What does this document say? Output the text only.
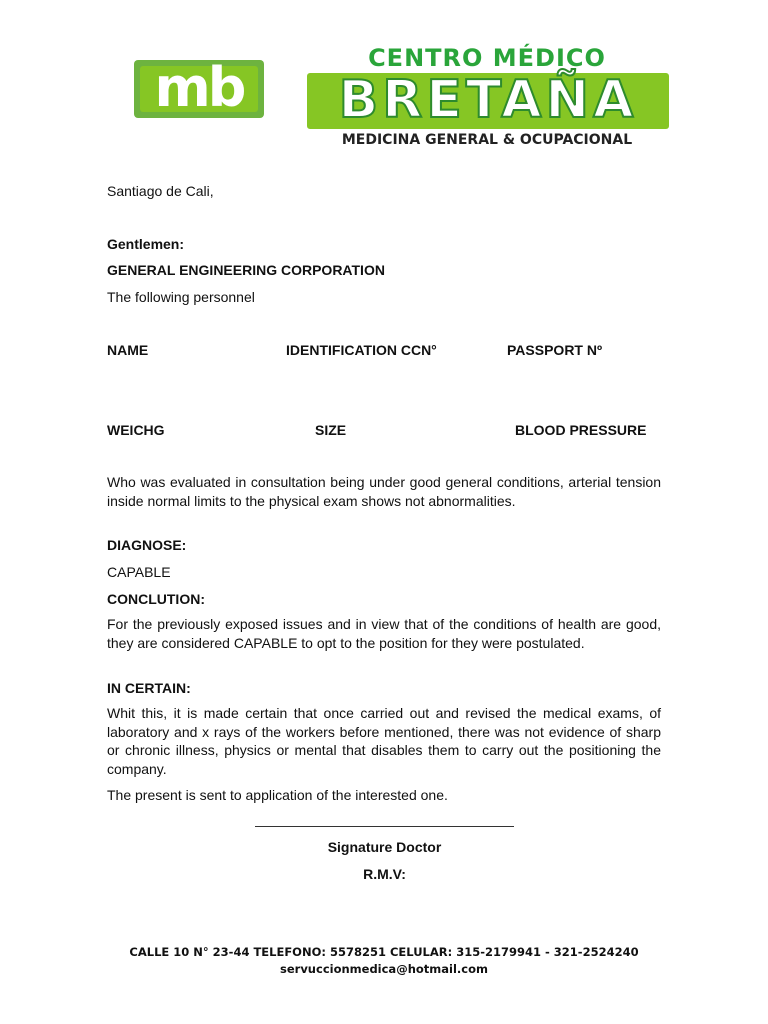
mb	CENTRO MÉDICO
BRETAÑA
MEDICINA GENERAL & OCUPACIONAL
Santiago de Cali,
Gentlemen:
GENERAL ENGINEERING CORPORATION
The following personnel
NAME	IDENTIFICATION CCN°	PASSPORT Nº
WEICHG	SIZE	BLOOD PRESSURE
Who was evaluated in consultation being under good general conditions, arterial tension inside normal limits to the physical exam shows not abnormalities.
DIAGNOSE:
CAPABLE
CONCLUTION:
For the previously exposed issues and in view that of the conditions of health are good, they are considered CAPABLE to opt to the position for they were postulated.
IN CERTAIN:
Whit this, it is made certain that once carried out and revised the medical exams, of laboratory and x rays of the workers before mentioned, there was not evidence of sharp or chronic illness, physics or mental that disables them to carry out the positioning the company.
The present is sent to application of the interested one.
Signature Doctor
R.M.V:
CALLE 10 N° 23-44 TELEFONO: 5578251 CELULAR: 315-2179941 - 321-2524240
servuccionmedica@hotmail.com
